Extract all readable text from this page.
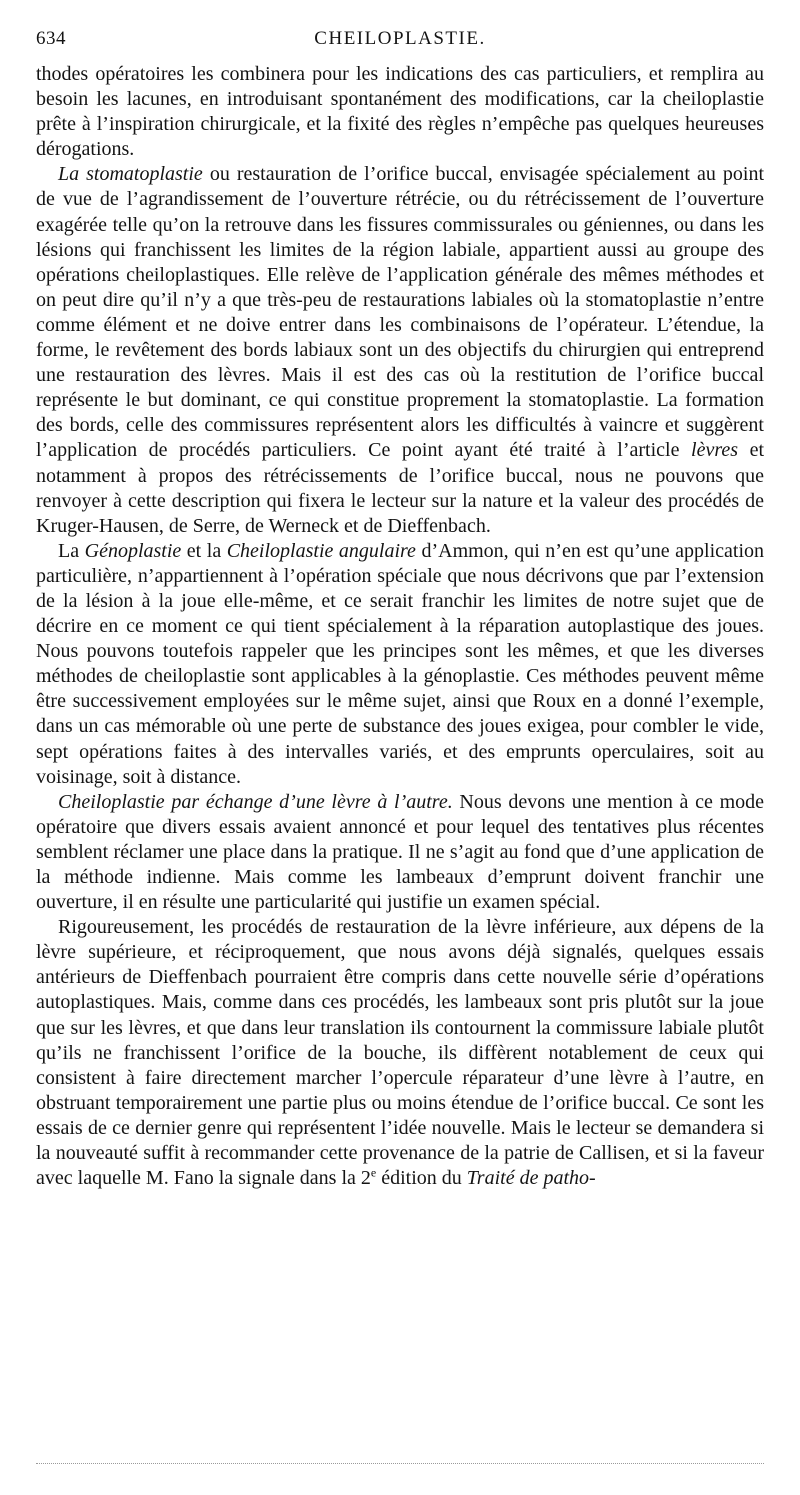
634	CHEILOPLASTIE.

thodes opératoires les combinera pour les indications des cas particuliers, et remplira au besoin les lacunes, en introduisant spontanément des modifications, car la cheiloplastie prête à l’inspiration chirurgicale, et la fixité des règles n’empêche pas quelques heureuses dérogations.

La stomatoplastie ou restauration de l’orifice buccal, envisagée spécialement au point de vue de l’agrandissement de l’ouverture rétrécie, ou du rétrécissement de l’ouverture exagérée telle qu’on la retrouve dans les fissures commissurales ou géniennes, ou dans les lésions qui franchissent les limites de la région labiale, appartient aussi au groupe des opérations cheiloplastiques. Elle relève de l’application générale des mêmes méthodes et on peut dire qu’il n’y a que très-peu de restaurations labiales où la stomatoplastie n’entre comme élément et ne doive entrer dans les combinaisons de l’opérateur. L’étendue, la forme, le revêtement des bords labiaux sont un des objectifs du chirurgien qui entreprend une restauration des lèvres. Mais il est des cas où la restitution de l’orifice buccal représente le but dominant, ce qui constitue proprement la stomatoplastie. La formation des bords, celle des commissures représentent alors les difficultés à vaincre et suggèrent l’application de procédés particuliers. Ce point ayant été traité à l’article lèvres et notamment à propos des rétrécissements de l’orifice buccal, nous ne pouvons que renvoyer à cette description qui fixera le lecteur sur la nature et la valeur des procédés de Kruger-Hausen, de Serre, de Werneck et de Dieffenbach.

La Génoplastie et la Cheiloplastie angulaire d’Ammon, qui n’en est qu’une application particulière, n’appartiennent à l’opération spéciale que nous décrivons que par l’extension de la lésion à la joue elle-même, et ce serait franchir les limites de notre sujet que de décrire en ce moment ce qui tient spécialement à la réparation autoplastique des joues. Nous pouvons toutefois rappeler que les principes sont les mêmes, et que les diverses méthodes de cheiloplastie sont applicables à la génoplastie. Ces méthodes peuvent même être successivement employées sur le même sujet, ainsi que Roux en a donné l’exemple, dans un cas mémorable où une perte de substance des joues exigea, pour combler le vide, sept opérations faites à des intervalles variés, et des emprunts operculaires, soit au voisinage, soit à distance.

Cheiloplastie par échange d’une lèvre à l’autre. Nous devons une mention à ce mode opératoire que divers essais avaient annoncé et pour lequel des tentatives plus récentes semblent réclamer une place dans la pratique. Il ne s’agit au fond que d’une application de la méthode indienne. Mais comme les lambeaux d’emprunt doivent franchir une ouverture, il en résulte une particularité qui justifie un examen spécial.

Rigoureusement, les procédés de restauration de la lèvre inférieure, aux dépens de la lèvre supérieure, et réciproquement, que nous avons déjà signalés, quelques essais antérieurs de Dieffenbach pourraient être compris dans cette nouvelle série d’opérations autoplastiques. Mais, comme dans ces procédés, les lambeaux sont pris plutôt sur la joue que sur les lèvres, et que dans leur translation ils contournent la commissure labiale plutôt qu’ils ne franchissent l’orifice de la bouche, ils diffèrent notablement de ceux qui consistent à faire directement marcher l’opercule réparateur d’une lèvre à l’autre, en obstruant temporairement une partie plus ou moins étendue de l’orifice buccal. Ce sont les essais de ce dernier genre qui représentent l’idée nouvelle. Mais le lecteur se demandera si la nouveauté suffit à recommander cette provenance de la patrie de Callisen, et si la faveur avec laquelle M. Fano la signale dans la 2e édition du Traité de patho-
